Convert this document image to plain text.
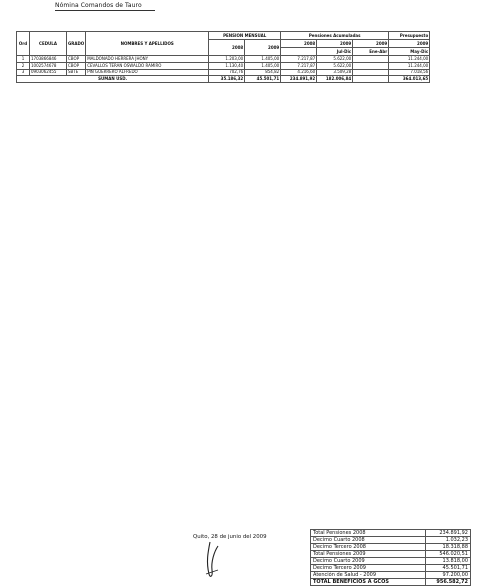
Nómina Comandos de Tauro
Ord	CEDULA	GRADO	NOMBRES Y APELLIDOS	PENSION MENSUAL		Pensiones Acumuladas			Presupuesto
				2008	2009	2008	2009	2009	2009
							Jul-Dic	Ene-Abr	May-Dic
1	1703866846	CBOP	MALDONADO HERRERA JHONY	1.203,00	1.405,00	7.217,87	5.622,00		11.244,00
2	1002574678	CBOP	CEVALLOS TERAN OSWALDO RAMIRO	1.130,40	1.405,00	7.217,87	5.622,00		11.244,00
3	0903062455	SBTE	PIN GUERRERO ALFREDO	702,76	854,82	4.216,60	3.509,28		7.018,56
SUMAN USD.				35.186,32	45.501,71	234.891,92	182.006,84		364.013,65
Quito, 28 de junio del 2009
Total Pensiones 2008	234.891,92
Decimo Cuarto 2008	1.032,23
Decimo Tercero 2008	18.318,88
Total Pensiones 2009	546.020,51
Decimo Cuarto 2009	13.818,00
Decimo Tercero 2009	45.501,71
Atención de Salud - 2009	97.200,00
TOTAL BENEFICIOS A GCOS	956.582,72
